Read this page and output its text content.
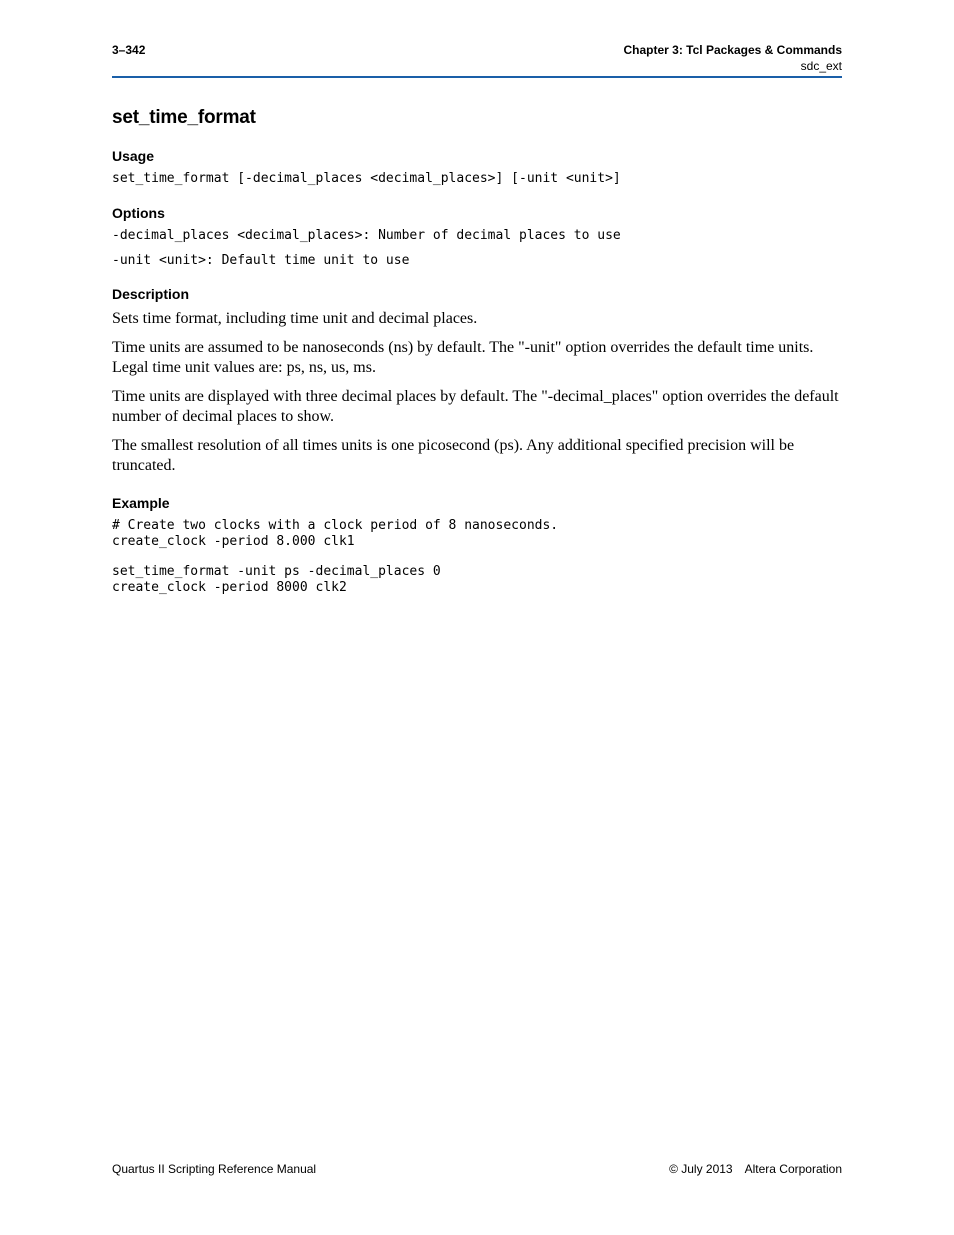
3–342	Chapter 3: Tcl Packages & Commands
sdc_ext
set_time_format
Usage

set_time_format [-decimal_places <decimal_places>] [-unit <unit>]

Options

-decimal_places <decimal_places>: Number of decimal places to use

-unit <unit>: Default time unit to use

Description

Sets time format, including time unit and decimal places.

Time units are assumed to be nanoseconds (ns) by default. The "-unit" option overrides the default time units. Legal time unit values are: ps, ns, us, ms.

Time units are displayed with three decimal places by default. The "-decimal_places" option overrides the default number of decimal places to show.

The smallest resolution of all times units is one picosecond (ps). Any additional specified precision will be truncated.

Example

# Create two clocks with a clock period of 8 nanoseconds.

create_clock -period 8.000 clk1

set_time_format -unit ps -decimal_places 0

create_clock -period 8000 clk2

Quartus II Scripting Reference Manual	© July 2013 Altera Corporation
